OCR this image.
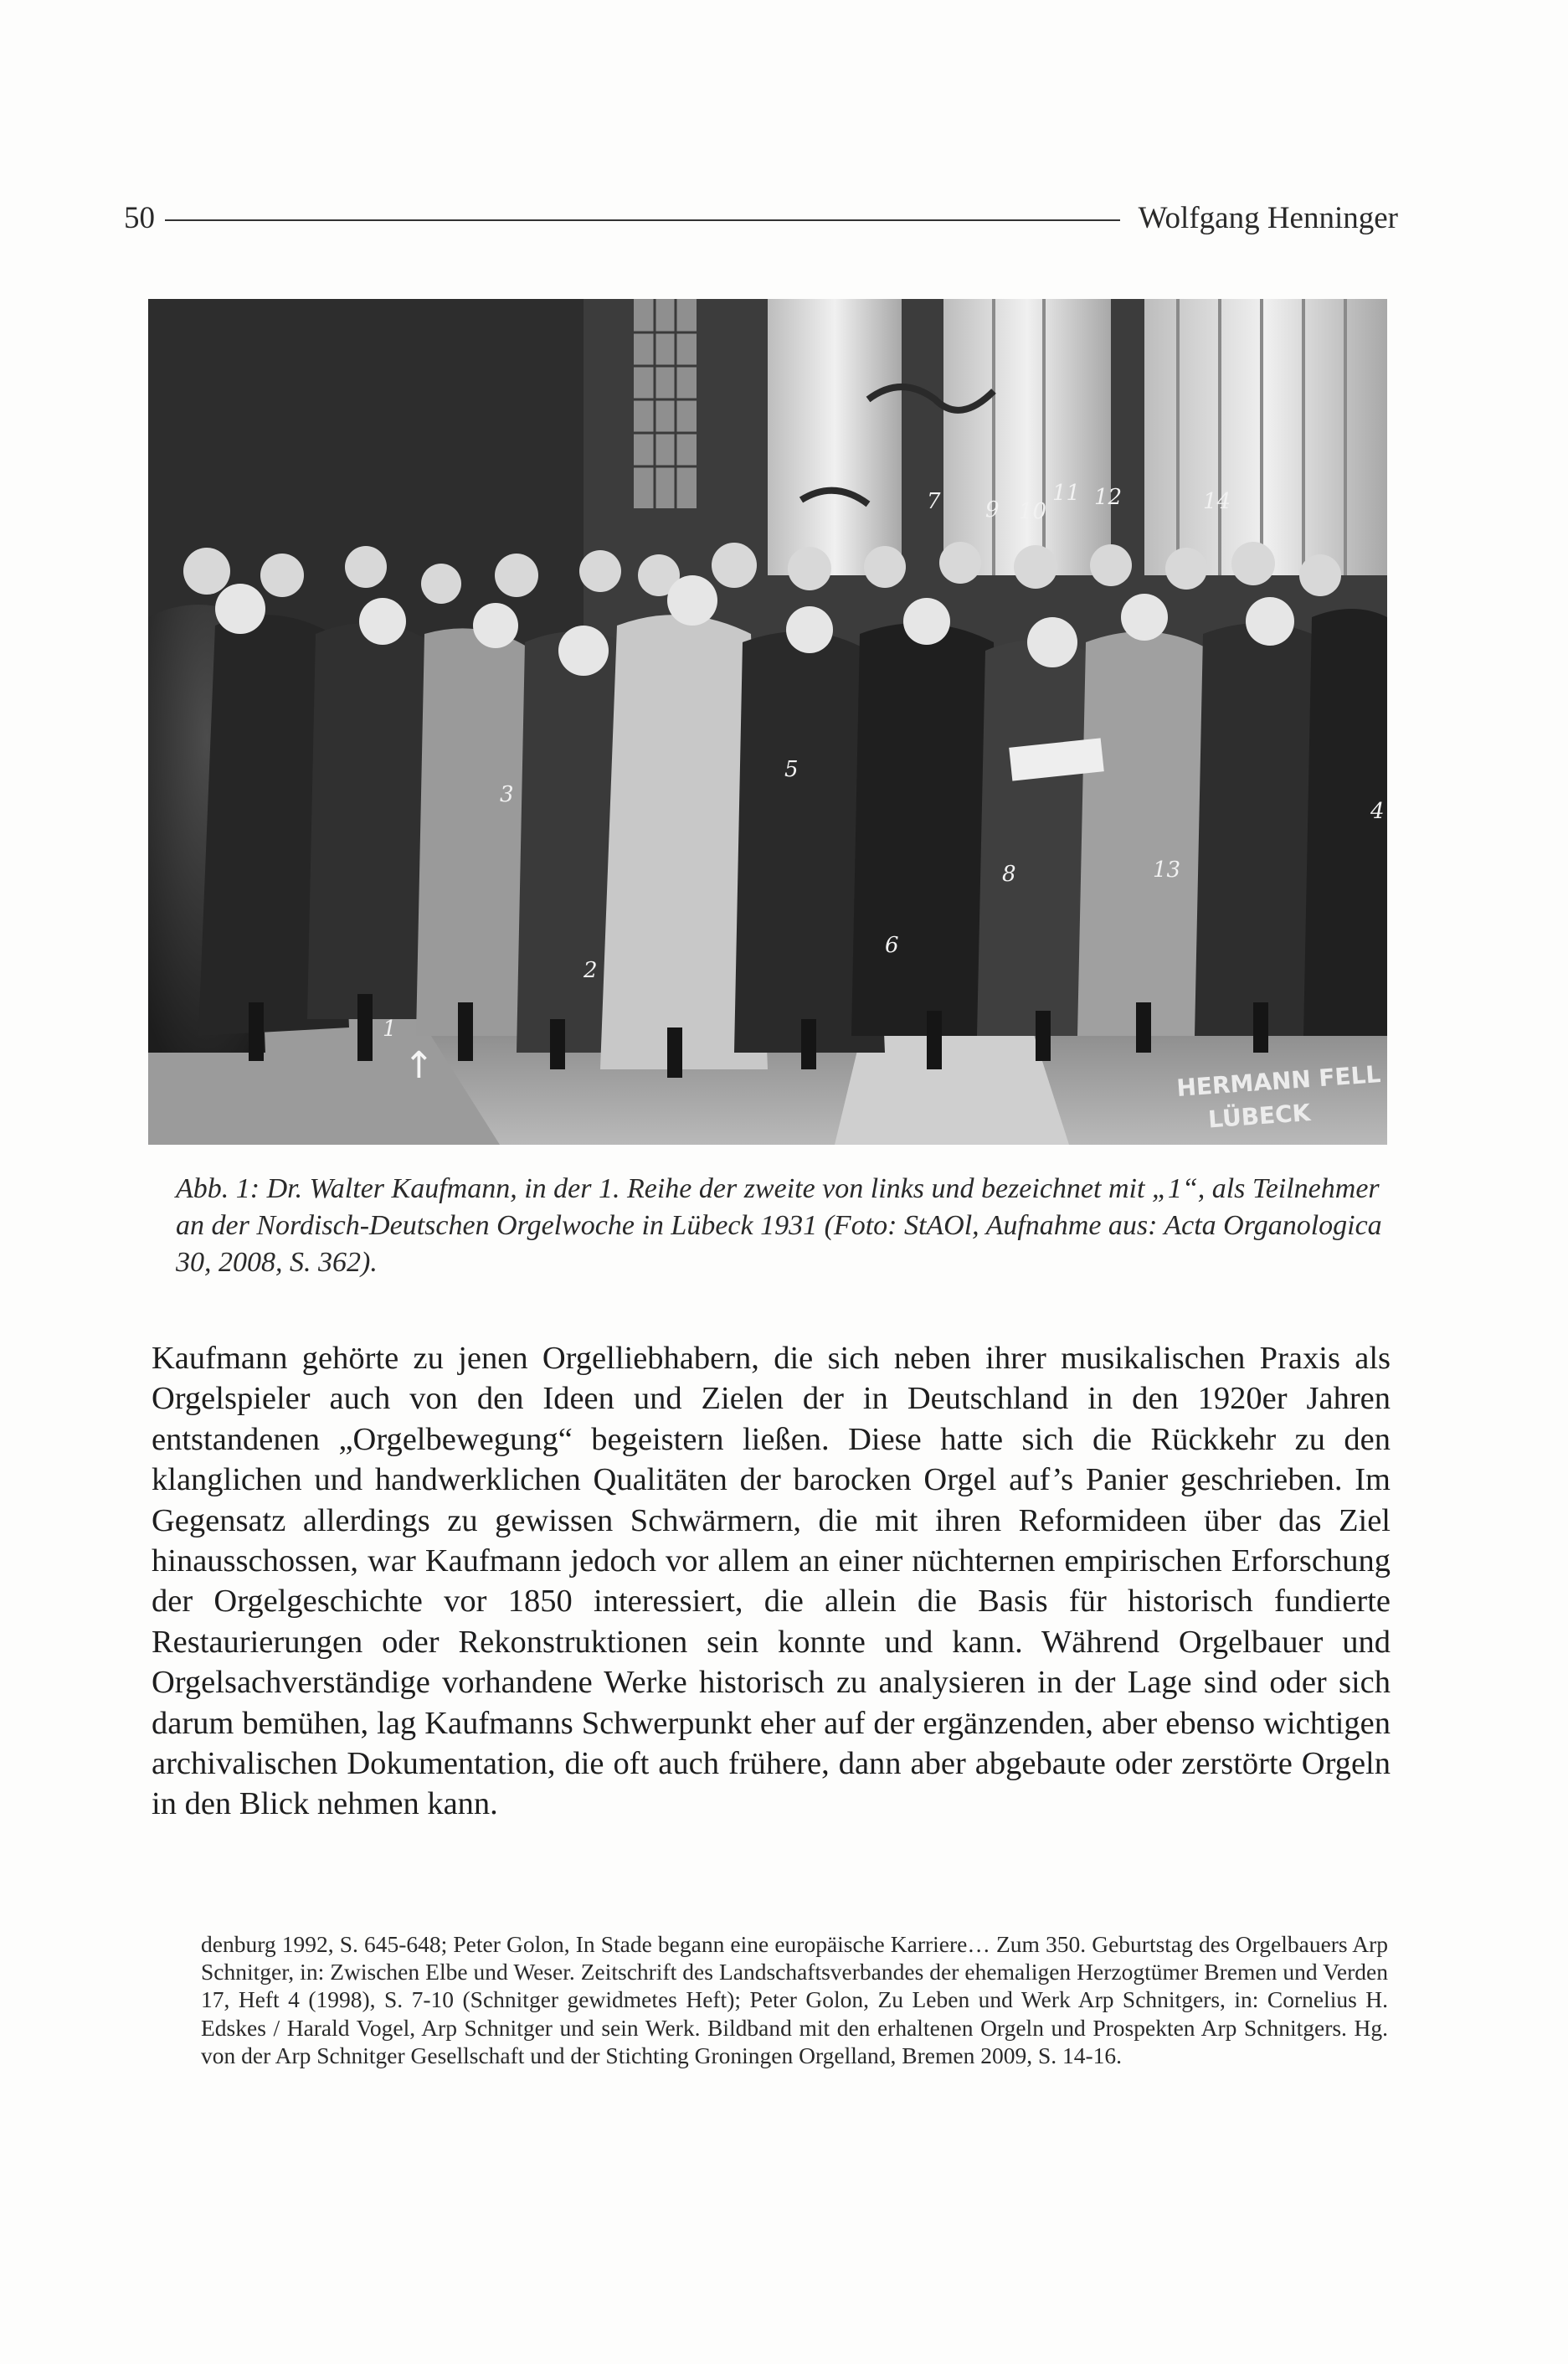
50	Wolfgang Henninger
9 10
11 12	14
7
13
8
6
5
3
4
1
2
↑	HERMANN FELL
LÜBECK
Abb. 1: Dr. Walter Kaufmann, in der 1. Reihe der zweite von links und bezeichnet mit „1“, als Teilnehmer an der Nordisch-Deutschen Orgelwoche in Lübeck 1931 (Foto: StAOl, Aufnahme aus: Acta Organologica 30, 2008, S. 362).
Kaufmann gehörte zu jenen Orgelliebhabern, die sich neben ihrer musikalischen Praxis als Orgelspieler auch von den Ideen und Zielen der in Deutschland in den 1920er Jahren entstandenen „Orgelbewegung“ begeistern ließen. Diese hatte sich die Rückkehr zu den klanglichen und handwerklichen Qualitäten der barocken Orgel auf’s Panier geschrieben. Im Gegensatz allerdings zu gewissen Schwärmern, die mit ihren Reformideen über das Ziel hinausschossen, war Kaufmann jedoch vor allem an einer nüchternen empirischen Erforschung der Orgelgeschichte vor 1850 interessiert, die allein die Basis für historisch fundierte Restaurierungen oder Rekonstruktionen sein konnte und kann. Während Orgelbauer und Orgelsachverständige vorhandene Werke historisch zu analysieren in der Lage sind oder sich darum bemühen, lag Kaufmanns Schwerpunkt eher auf der ergänzenden, aber ebenso wichtigen archivalischen Dokumentation, die oft auch frühere, dann aber abgebaute oder zerstörte Orgeln in den Blick nehmen kann.
denburg 1992, S. 645-648; Peter Golon, In Stade begann eine europäische Karriere… Zum 350. Geburtstag des Orgelbauers Arp Schnitger, in: Zwischen Elbe und Weser. Zeitschrift des Landschaftsverbandes der ehemaligen Herzogtümer Bremen und Verden 17, Heft 4 (1998), S. 7-10 (Schnitger gewidmetes Heft); Peter Golon, Zu Leben und Werk Arp Schnitgers, in: Cornelius H. Edskes / Harald Vogel, Arp Schnitger und sein Werk. Bildband mit den erhaltenen Orgeln und Prospekten Arp Schnitgers. Hg. von der Arp Schnitger Gesellschaft und der Stichting Groningen Orgelland, Bremen 2009, S. 14-16.
